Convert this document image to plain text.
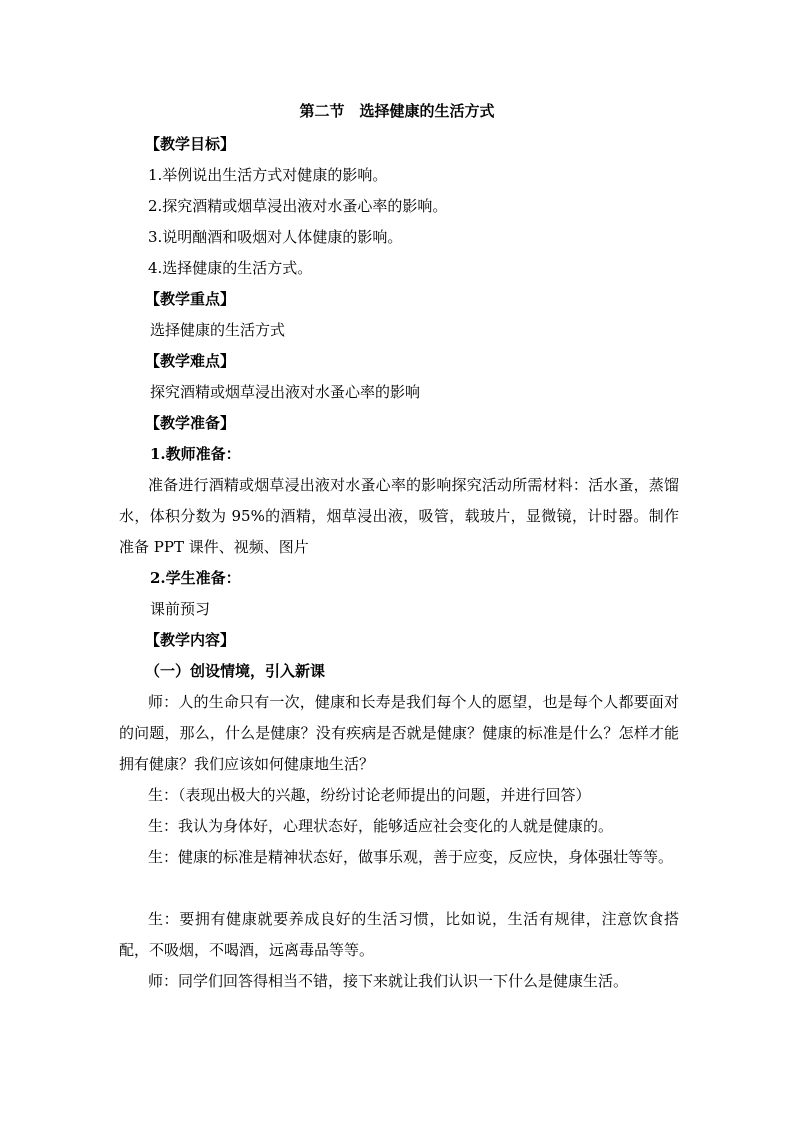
第二节　选择健康的生活方式
【教学目标】
1.举例说出生活方式对健康的影响。
2.探究酒精或烟草浸出液对水蚤心率的影响。
3.说明酗酒和吸烟对人体健康的影响。
4.选择健康的生活方式。
【教学重点】
选择健康的生活方式
【教学难点】
探究酒精或烟草浸出液对水蚤心率的影响
【教学准备】
1.教师准备：
准备进行酒精或烟草浸出液对水蚤心率的影响探究活动所需材料：活水蚤，蒸馏水，体积分数为 95%的酒精，烟草浸出液，吸管，载玻片，显微镜，计时器。制作准备 PPT 课件、视频、图片
2.学生准备：
课前预习
【教学内容】
（一）创设情境，引入新课
师：人的生命只有一次，健康和长寿是我们每个人的愿望，也是每个人都要面对的问题，那么，什么是健康？没有疾病是否就是健康？健康的标准是什么？怎样才能拥有健康？我们应该如何健康地生活？
生：（表现出极大的兴趣，纷纷讨论老师提出的问题，并进行回答）
生：我认为身体好，心理状态好，能够适应社会变化的人就是健康的。
生：健康的标准是精神状态好，做事乐观，善于应变，反应快，身体强壮等等。
生：要拥有健康就要养成良好的生活习惯，比如说，生活有规律，注意饮食搭配，不吸烟，不喝酒，远离毒品等等。
师：同学们回答得相当不错，接下来就让我们认识一下什么是健康生活。
